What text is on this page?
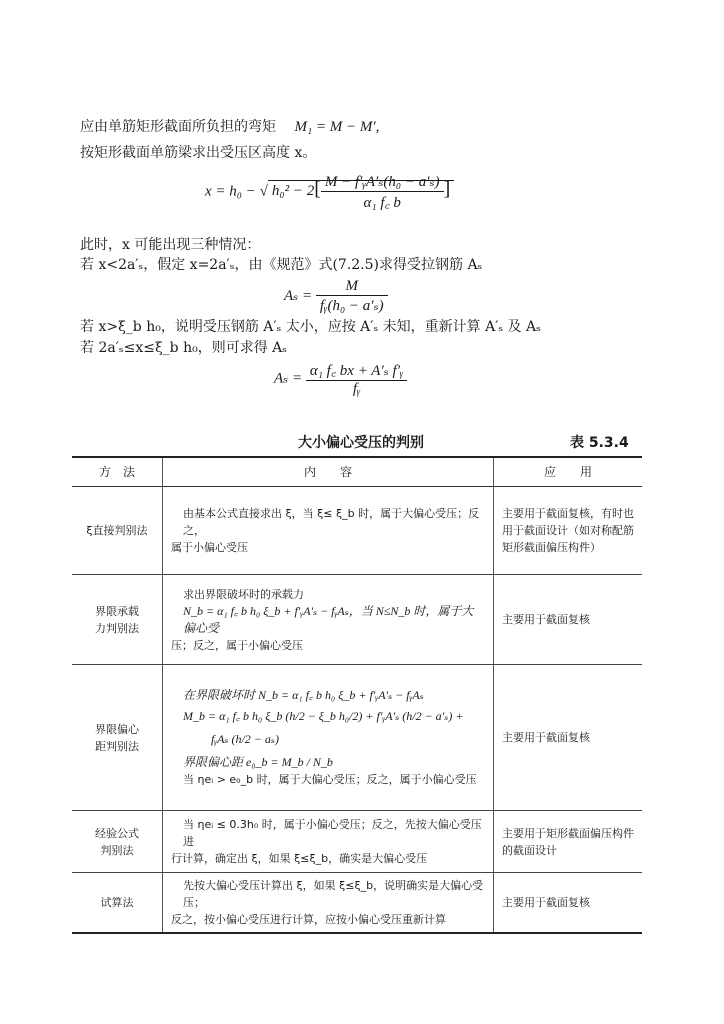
应由单筋矩形截面所负担的弯矩 M₁ = M − M′,
按矩形截面单筋梁求出受压区高度 x。
x = h₀ − √ $h_0^2 - 2[ \frac{\text{M − f′ᵧA′ₛ(h₀ − a′ₛ)}}{\text{α₁ f꜀ b}}$ ]
此时，x 可能出现三种情况：
若 x<2a′ₛ，假定 x=2a′ₛ，由《规范》式(7.2.5)求得受拉钢筋 Aₛ
$A_s = \frac{M}{\text{fᵧ(h₀ − a′ₛ)}}$
若 x>ξ_b h₀，说明受压钢筋 A′ₛ 太小，应按 A′ₛ 未知，重新计算 A′ₛ 及 Aₛ
若 2a′ₛ≤x≤ξ_b h₀，则可求得 Aₛ
$A_s = \frac{\text{α₁ f꜀ bx + A′ₛ f′ᵧ}}{\text{fᵧ}}$
大小偏心受压的判别	表 5.3.4
方　法	内　　容	应　　用
ξ直接判别法	由基本公式直接求出 ξ，当 ξ≤ ξ_b 时，属于大偏心受压；反之，
属于小偏心受压	主要用于截面复核，有时也用于截面设计（如对称配筋矩形截面偏压构件）
界限承载力判别法	求出界限破坏时的承载力
N_b = α₁ f꜀ b h₀ ξ_b + f′ᵧA′ₛ − fᵧAₛ，当 N≤N_b 时，属于大偏心受
压；反之，属于小偏心受压	主要用于截面复核
界限偏心距判别法	在界限破坏时 N_b = α₁ f꜀ b h₀ ξ_b + f′ᵧA′ₛ − fᵧAₛ
M_b = α₁ f꜀ b h₀ ξ_b (h/2 − ξ_b h₀/2) + f′ᵧA′ₛ (h/2 − a′ₛ) +
fᵧAₛ (h/2 − aₛ)
界限偏心距 e₀_b = M_b / N_b
当 ηeᵢ > e₀_b 时，属于大偏心受压；反之，属于小偏心受压	主要用于截面复核
经验公式判别法	当 ηeᵢ ≤ 0.3h₀ 时，属于小偏心受压；反之，先按大偏心受压进
行计算，确定出 ξ，如果 ξ≤ξ_b，确实是大偏心受压	主要用于矩形截面偏压构件的截面设计
试算法	先按大偏心受压计算出 ξ，如果 ξ≤ξ_b，说明确实是大偏心受压；
反之，按小偏心受压进行计算，应按小偏心受压重新计算	主要用于截面复核
